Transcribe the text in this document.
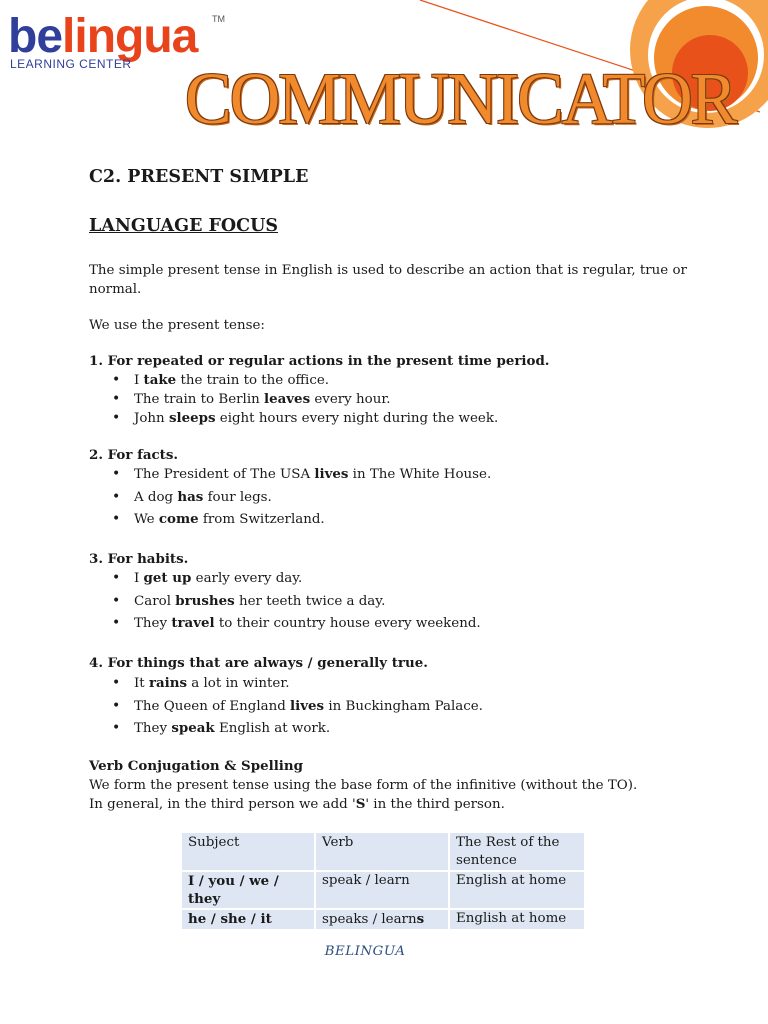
belingua TM
LEARNING CENTER COMMUNICATOR
C2. PRESENT SIMPLE
LANGUAGE FOCUS
The simple present tense in English is used to describe an action that is regular, true or
normal.
We use the present tense:
1. For repeated or regular actions in the present time period.
• I take the train to the office.
• The train to Berlin leaves every hour.
• John sleeps eight hours every night during the week.
2. For facts.
• The President of The USA lives in The White House.
• A dog has four legs.
• We come from Switzerland.
3. For habits.
• I get up early every day.
• Carol brushes her teeth twice a day.
• They travel to their country house every weekend.
4. For things that are always / generally true.
• It rains a lot in winter.
• The Queen of England lives in Buckingham Palace.
• They speak English at work.
Verb Conjugation & Spelling
We form the present tense using the base form of the infinitive (without the TO).
In general, in the third person we add 'S' in the third person.
Subject	Verb	The Rest of the sentence
I / you / we / they	speak / learn	English at home
he / she / it	speaks / learns	English at home
BELINGUA
